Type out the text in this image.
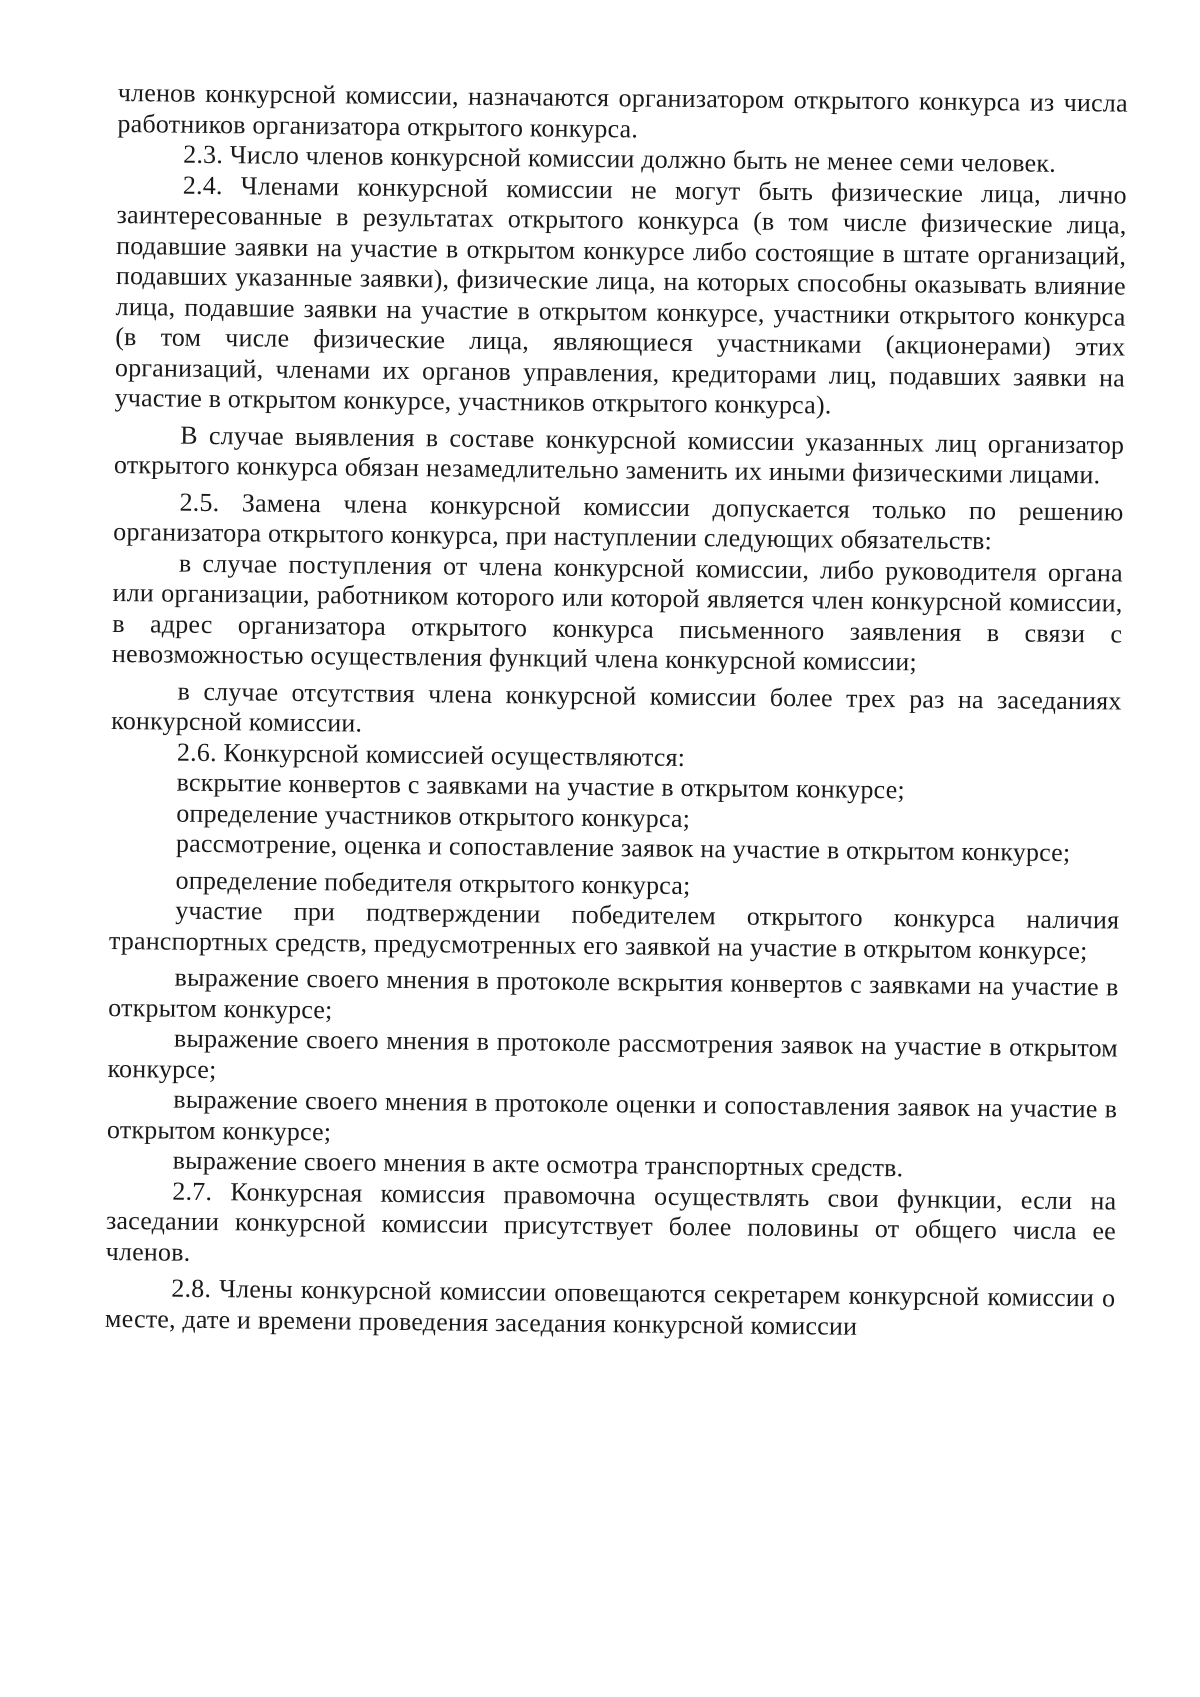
членов конкурсной комиссии, назначаются организатором открытого конкурса из числа работников организатора открытого конкурса.

2.3. Число членов конкурсной комиссии должно быть не менее семи человек.

2.4. Членами конкурсной комиссии не могут быть физические лица, лично заинтересованные в результатах открытого конкурса (в том числе физические лица, подавшие заявки на участие в открытом конкурсе либо состоящие в штате организаций, подавших указанные заявки), физические лица, на которых способны оказывать влияние лица, подавшие заявки на участие в открытом конкурсе, участники открытого конкурса (в том числе физические лица, являющиеся участниками (акционерами) этих организаций, членами их органов управления, кредиторами лиц, подавших заявки на участие в открытом конкурсе, участников открытого конкурса).

В случае выявления в составе конкурсной комиссии указанных лиц организатор открытого конкурса обязан незамедлительно заменить их иными физическими лицами.

2.5. Замена члена конкурсной комиссии допускается только по решению организатора открытого конкурса, при наступлении следующих обязательств:

в случае поступления от члена конкурсной комиссии, либо руководителя органа или организации, работником которого или которой является член конкурсной комиссии, в адрес организатора открытого конкурса письменного заявления в связи с невозможностью осуществления функций члена конкурсной комиссии;

в случае отсутствия члена конкурсной комиссии более трех раз на заседаниях конкурсной комиссии.

2.6. Конкурсной комиссией осуществляются:

вскрытие конвертов с заявками на участие в открытом конкурсе;

определение участников открытого конкурса;

рассмотрение, оценка и сопоставление заявок на участие в открытом конкурсе;

определение победителя открытого конкурса;

участие при подтверждении победителем открытого конкурса наличия транспортных средств, предусмотренных его заявкой на участие в открытом конкурсе;

выражение своего мнения в протоколе вскрытия конвертов с заявками на участие в открытом конкурсе;

выражение своего мнения в протоколе рассмотрения заявок на участие в открытом конкурсе;

выражение своего мнения в протоколе оценки и сопоставления заявок на участие в открытом конкурсе;

выражение своего мнения в акте осмотра транспортных средств.

2.7. Конкурсная комиссия правомочна осуществлять свои функции, если на заседании конкурсной комиссии присутствует более половины от общего числа ее членов.

2.8. Члены конкурсной комиссии оповещаются секретарем конкурсной комиссии о месте, дате и времени проведения заседания конкурсной комиссии
